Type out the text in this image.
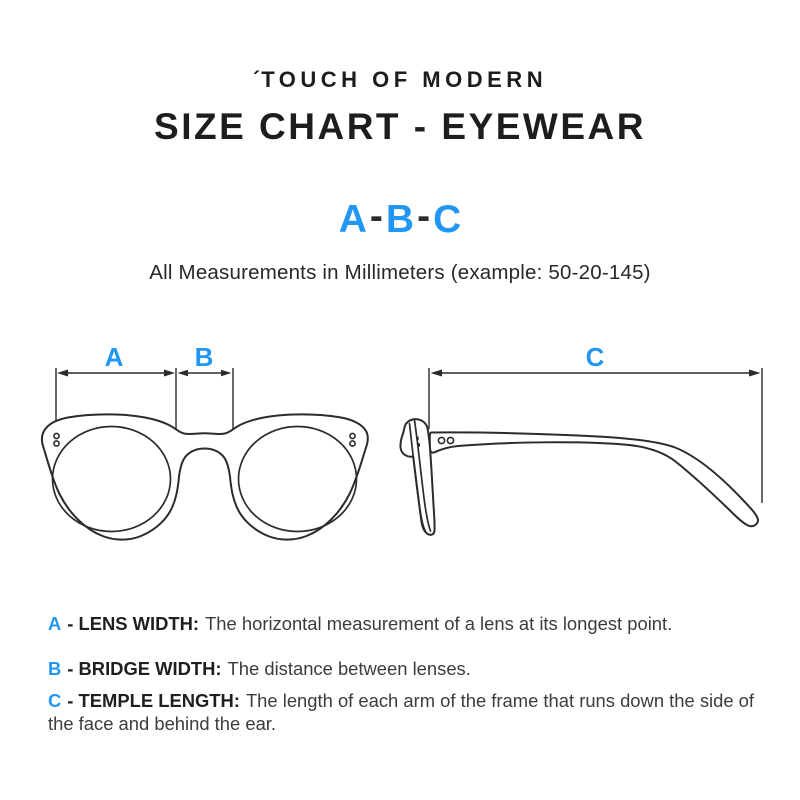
´TOUCH OF MODERN
SIZE CHART - EYEWEAR
A-B-C
All Measurements in Millimeters (example: 50-20-145)
A	B	C
A - LENS WIDTH: The horizontal measurement of a lens at its longest point.
B - BRIDGE WIDTH: The distance between lenses.
C - TEMPLE LENGTH: The length of each arm of the frame that runs down the side of the face and behind the ear.
